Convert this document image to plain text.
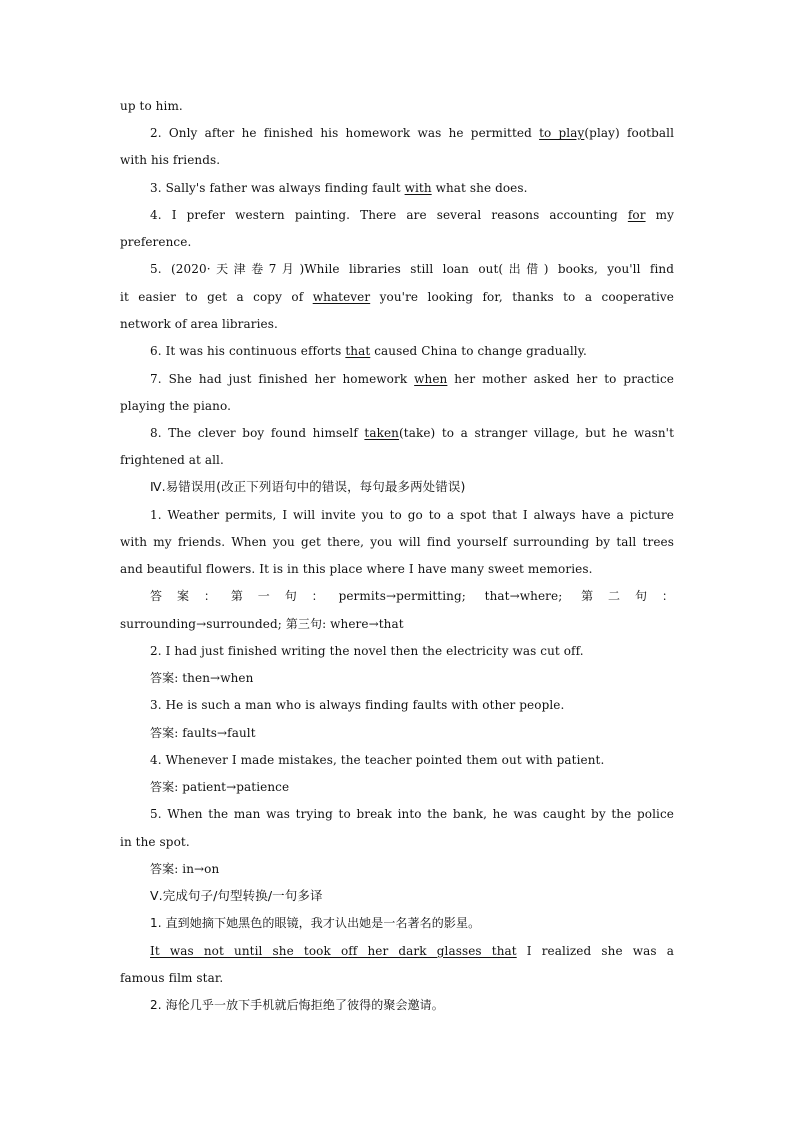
up to him.
2. Only after he finished his homework was he permitted to play(play) football
with his friends.
3. Sally's father was always finding fault with what she does.
4. I prefer western painting. There are several reasons accounting for my
preference.
5. (2020·天津卷7月)While libraries still loan out(出借) books, you'll find
it easier to get a copy of whatever you're looking for, thanks to a cooperative
network of area libraries.
6. It was his continuous efforts that caused China to change gradually.
7. She had just finished her homework when her mother asked her to practice
playing the piano.
8. The clever boy found himself taken(take) to a stranger village, but he wasn't
frightened at all.
Ⅳ.易错误用(改正下列语句中的错误，每句最多两处错误)
1. Weather permits, I will invite you to go to a spot that I always have a picture
with my friends. When you get there, you will find yourself surrounding by tall trees
and beautiful flowers. It is in this place where I have many sweet memories.
答案：第一句：permits→permitting; that→where; 第二句：
surrounding→surrounded; 第三句: where→that
2. I had just finished writing the novel then the electricity was cut off.
答案: then→when
3. He is such a man who is always finding faults with other people.
答案: faults→fault
4. Whenever I made mistakes, the teacher pointed them out with patient.
答案: patient→patience
5. When the man was trying to break into the bank, he was caught by the police
in the spot.
答案: in→on
Ⅴ.完成句子/句型转换/一句多译
1. 直到她摘下她黑色的眼镜，我才认出她是一名著名的影星。
It was not until she took off her dark glasses that I realized she was a
famous film star.
2. 海伦几乎一放下手机就后悔拒绝了彼得的聚会邀请。
